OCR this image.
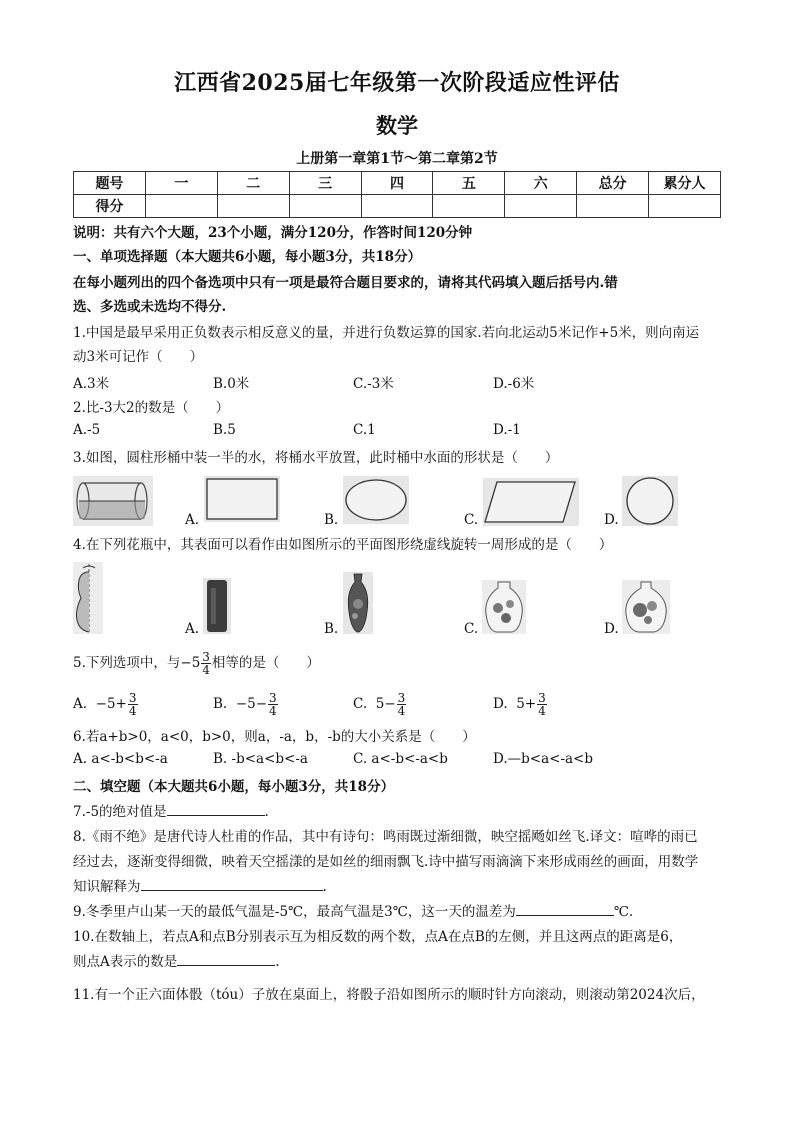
江西省2025届七年级第一次阶段适应性评估
数学
上册第一章第1节～第二章第2节
题号	一	二	三	四	五	六	总分	累分人
得分								
说明：共有六个大题，23个小题，满分120分，作答时间120分钟
一、单项选择题（本大题共6小题，每小题3分，共18分）
在每小题列出的四个备选项中只有一项是最符合题目要求的，请将其代码填入题后括号内.错
选、多选或未选均不得分.
1.中国是最早采用正负数表示相反意义的量，并进行负数运算的国家.若向北运动5米记作+5米，则向南运
动3米可记作（　　）
A.3米	B.0米	C.-3米	D.-6米
2.比-3大2的数是（　　）
A.-5	B.5	C.1	D.-1
3.如图，圆柱形桶中装一半的水，将桶水平放置，此时桶中水面的形状是（　　）
A.	B.	C.	D.
4.在下列花瓶中，其表面可以看作由如图所示的平面图形绕虚线旋转一周形成的是（　　）
A.	B.	C.	D.
5.下列选项中，与$-5 \frac{3}{4}$ 相等的是（　　）
A. $-5+ \frac{3}{4}$	B. $-5- \frac{3}{4}$	C. $5- \frac{3}{4}$	D. $5+ \frac{3}{4}$
6.若a+b>0，a<0，b>0，则a，-a，b，-b的大小关系是（　　）
A. a<-b<b<-a	B. -b<a<b<-a	C. a<-b<-a<b	D.—b<a<-a<b
二、填空题（本大题共6小题，每小题3分，共18分）
7.-5的绝对值是	.
8.《雨不绝》是唐代诗人杜甫的作品，其中有诗句：鸣雨既过渐细微，映空摇飏如丝飞.译文：喧哗的雨已
经过去，逐渐变得细微，映着天空摇漾的是如丝的细雨飘飞.诗中描写雨滴滴下来形成雨丝的画面，用数学
知识解释为	.
9.冬季里卢山某一天的最低气温是-5℃，最高气温是3℃，这一天的温差为	℃.
10.在数轴上，若点A和点B分别表示互为相反数的两个数，点A在点B的左侧，并且这两点的距离是6，
则点A表示的数是	.
11.有一个正六面体骰（tóu）子放在桌面上，将骰子沿如图所示的顺时针方向滚动，则滚动第2024次后，
